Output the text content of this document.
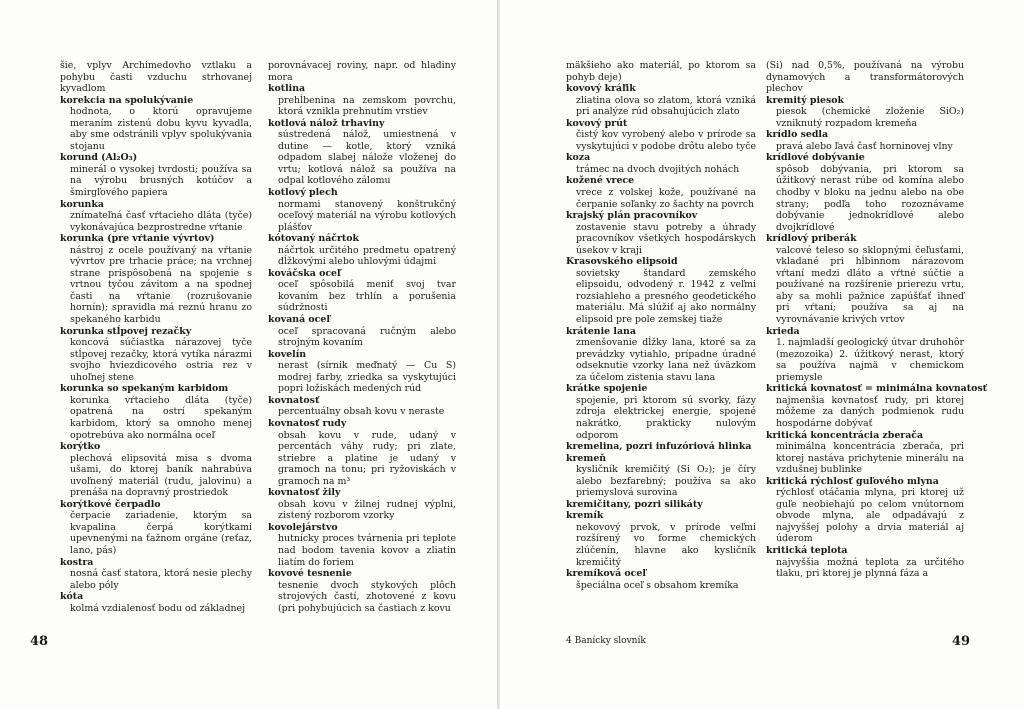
šie, vplyv Archimedovho vztlaku a pohybu časti vzduchu strhovanej kyvadlom
korekcia na spolukývanie
hodnota, o ktorú opravujeme meraním zistenú dobu kyvu kyvadla, aby sme odstránili vplyv spolukývania stojanu
korund (Al₂O₃)
minerál o vysokej tvrdosti; používa sa na výrobu brusných kotúčov a šmirgľového papiera
korunka
znímateľná časť vŕtacieho dláta (tyče) vykonávajúca bezprostredne vŕtanie
korunka (pre vŕtanie vývrtov)
nástroj z ocele používaný na vŕtanie vývrtov pre trhacie práce; na vrchnej strane prispôsobená na spojenie s vrtnou tyčou závitom a na spodnej časti na vŕtanie (rozrušovanie hornín); spravidla má reznú hranu zo spekaného karbidu
korunka stĺpovej rezačky
koncová súčiastka nárazovej tyče stĺpovej rezačky, ktorá vytíka nárazmi svojho hviezdicového ostria rez v uhoľnej stene
korunka so spekaným karbidom
korunka vŕtacieho dláta (tyče) opatrená na ostrí spekaným karbidom, ktorý sa omnoho menej opotrebúva ako normálna oceľ
korýtko
plechová elipsovitá misa s dvoma ušami, do ktorej baník nahrabúva uvoľnený materiál (rudu, jalovinu) a prenáša na dopravný prostriedok
korýtkové čerpadlo
čerpacie zariadenie, ktorým sa kvapalina čerpá korýtkami upevnenými na ťažnom orgáne (reťaz, lano, pás)
kostra
nosná časť statora, ktorá nesie plechy alebo póly
kóta
kolmá vzdialenosť bodu od základnej
porovnávacej roviny, napr. od hladiny mora
kotlina
prehĺbenina na zemskom povrchu, ktorá vznikla prehnutím vrstiev
kotlová nálož trhaviny
sústredená nálož, umiestnená v dutine — kotle, ktorý vzniká odpadom slabej nálože vloženej do vrtu; kotlová nálož sa používa na odpal kotlového zálomu
kotlový plech
normami stanovený konštrukčný oceľový materiál na výrobu kotlových plášťov
kótovaný náčrtok
náčrtok určitého predmetu opatrený dĺžkovými alebo uhlovými údajmi
kováčska oceľ
oceľ spôsobilá meniť svoj tvar kovaním bez trhlín a porušenia súdržnosti
kovaná oceľ
oceľ spracovaná ručným alebo strojným kovaním
kovelín
nerast (sírnik meďnatý — Cu S) modrej farby, zriedka sa vyskytujúci popri ložiskách medených rúd
kovnatosť
percentuálny obsah kovu v neraste
kovnatosť rudy
obsah kovu v rude, udaný v percentách váhy rudy; pri zlate, striebre a platine je udaný v gramoch na tonu; pri ryžoviskách v gramoch na m³
kovnatosť žily
obsah kovu v žilnej rudnej výplni, zistený rozborom vzorky
kovolejárstvo
hutnícky proces tvárnenia pri teplote nad bodom tavenia kovov a zliatin liatím do foriem
kovové tesnenie
tesnenie dvoch stykových plôch strojových častí, zhotovené z kovu (pri pohybujúcich sa častiach z kovu
48
mäkšieho ako materiál, po ktorom sa pohyb deje)
kovový kráľik
zliatina olova so zlatom, ktorá vzniká pri analýze rúd obsahujúcich zlato
kovový prút
čistý kov vyrobený alebo v prírode sa vyskytujúci v podobe drôtu alebo tyče
koza
trámec na dvoch dvojitých nohách
kožené vrece
vrece z volskej kože, používané na čerpanie soľanky zo šachty na povrch
krajský plán pracovníkov
zostavenie stavu potreby a úhrady pracovníkov všetkých hospodárskych úsekov v kraji
Krasovského elipsoid
sovietsky štandard zemského elipsoidu, odvodený r. 1942 z veľmi rozsiahleho a presného geodetického materiálu. Má slúžiť aj ako normálny elipsoid pre pole zemskej tiaže
krátenie lana
zmenšovanie dĺžky lana, ktoré sa za prevádzky vytiahlo, prípadne úradné odseknutie vzorky lana než úväzkom za účelom zistenia stavu lana
krátke spojenie
spojenie, pri ktorom sú svorky, fázy zdroja elektrickej energie, spojené nakrátko, prakticky nulovým odporom
kremelina, pozri infuzóriová hlinka
kremeň
kysličník kremičitý (Si O₂); je číry alebo bezfarebný; používa sa ako priemyslová surovina
kremičitany, pozri silikáty
kremík
nekovový prvok, v prírode veľmi rozšírený vo forme chemických zlúčenín, hlavne ako kysličník kremičitý
kremíková oceľ
špeciálna oceľ s obsahom kremíka
(Si) nad 0,5%, používaná na výrobu dynamových a transformátorových plechov
kremitý piesok
piesok (chemické zloženie SiO₂) vzniknutý rozpadom kremeňa
krídlo sedla
pravá alebo ľavá časť horninovej vlny
krídlové dobývanie
spôsob dobývania, pri ktorom sa úžitkový nerast rúbe od komína alebo chodby v bloku na jednu alebo na obe strany; podľa toho rozoznávame dobývanie jednokrídlové alebo dvojkrídlové
krídlový priberák
valcové teleso so sklopnými čeľusťami, vkladané pri hĺbinnom nárazovom vŕtaní medzi dláto a vŕtné súčtie a používané na rozšírenie prierezu vrtu, aby sa mohli pažnice zapúšťať ihneď pri vŕtaní; používa sa aj na vyrovnávanie krivých vrtov
krieda
1. najmladší geologický útvar druhohôr (mezozoika) 2. úžitkový nerast, ktorý sa používa najmä v chemickom priemysle
kritická kovnatosť = minimálna kovnatosť
najmenšia kovnatosť rudy, pri ktorej môžeme za daných podmienok rudu hospodárne dobývať
kritická koncentrácia zberača
minimálna koncentrácia zberača, pri ktorej nastáva prichytenie minerálu na vzdušnej bublinke
kritická rýchlosť guľového mlyna
rýchlosť otáčania mlyna, pri ktorej už guľe neobiehajú po celom vnútornom obvode mlyna, ale odpadávajú z najvyššej polohy a drvia materiál aj úderom
kritická teplota
najvyššia možná teplota za určitého tlaku, pri ktorej je plynná fáza a
4 Banícky slovník	49
